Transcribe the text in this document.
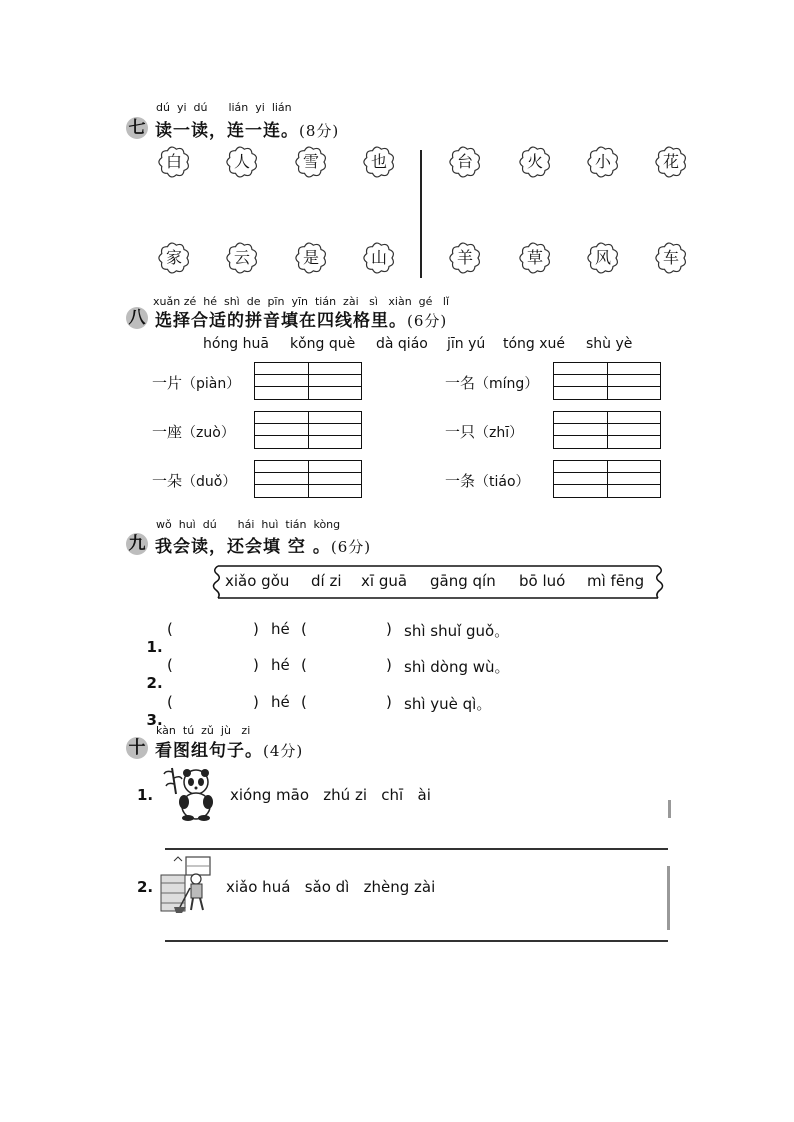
dú  yi  dú      lián  yi  lián
七 读一读，连一连。(8分)
白	人	雪	也	台	火	小	花
家	云	是	山	羊	草	风	车
xuǎn zé  hé  shì  de  pīn  yīn  tián  zài   sì   xiàn  gé   lǐ
八 选择合适的拼音填在四线格里。(6分)
hóng huā kǒng què dà qiáo jīn yú tóng xué shù yè
一片（piàn）
一座（zuò）
一朵（duǒ）
一名（míng）
一只（zhī）
一条（tiáo）
wǒ  huì  dú      hái  huì  tián  kòng
九 我会读，还会填 空 。(6分)
xiǎo gǒu dí zi xī guā gāng qín bō luó mì fēng

1.

(	) hé (	) shì shuǐ guǒ。

2.

(	) hé (	) shì dòng wù。

3.

(	) hé (	) shì yuè qì。
kàn  tú  zǔ  jù   zi
十 看图组句子。(4分)
1.	xióng māo   zhú zi   chī   ài
2.	xiǎo huá   sǎo dì   zhèng zài
